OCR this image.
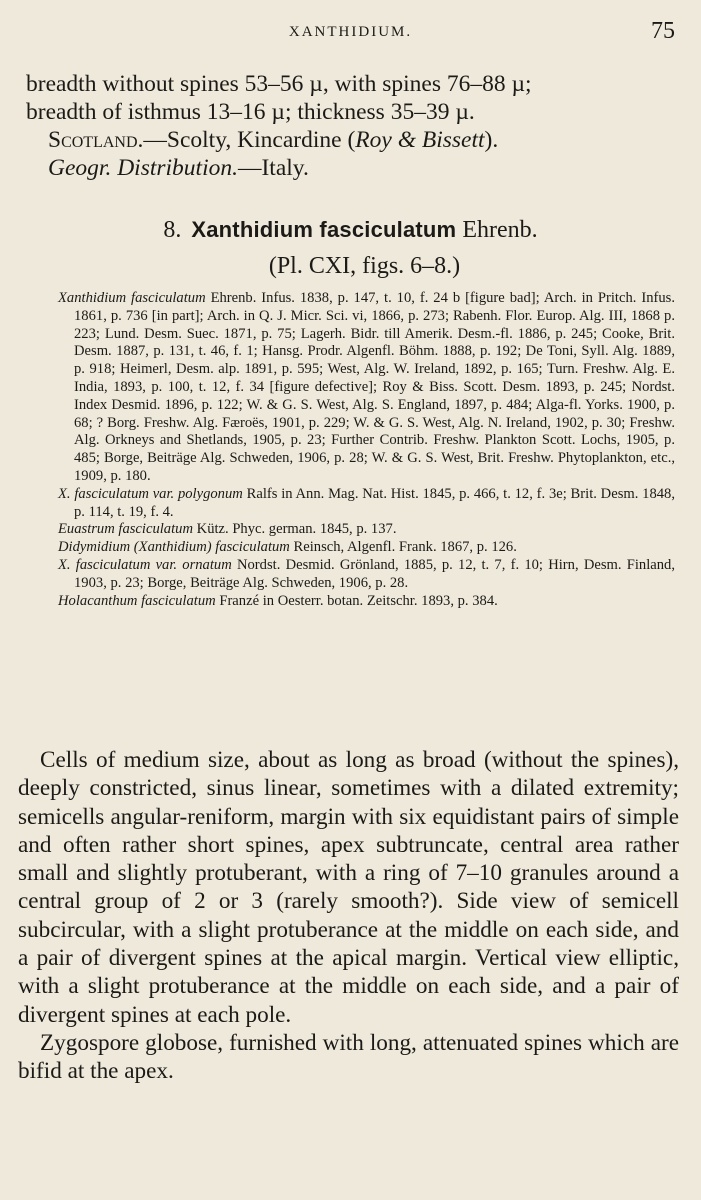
XANTHIDIUM.	75

breadth without spines 53–56 µ, with spines 76–88 µ;

breadth of isthmus 13–16 µ; thickness 35–39 µ.

Scotland.—Scolty, Kincardine (Roy & Bissett).

Geogr. Distribution.—Italy.

8. Xanthidium fasciculatum Ehrenb.
(Pl. CXI, figs. 6–8.)

Xanthidium fasciculatum Ehrenb. Infus. 1838, p. 147, t. 10, f. 24 b [figure bad]; Arch. in Pritch. Infus. 1861, p. 736 [in part]; Arch. in Q. J. Micr. Sci. vi, 1866, p. 273; Rabenh. Flor. Europ. Alg. III, 1868 p. 223; Lund. Desm. Suec. 1871, p. 75; Lagerh. Bidr. till Amerik. Desm.-fl. 1886, p. 245; Cooke, Brit. Desm. 1887, p. 131, t. 46, f. 1; Hansg. Prodr. Algenfl. Böhm. 1888, p. 192; De Toni, Syll. Alg. 1889, p. 918; Heimerl, Desm. alp. 1891, p. 595; West, Alg. W. Ireland, 1892, p. 165; Turn. Freshw. Alg. E. India, 1893, p. 100, t. 12, f. 34 [figure defective]; Roy & Biss. Scott. Desm. 1893, p. 245; Nordst. Index Desmid. 1896, p. 122; W. & G. S. West, Alg. S. England, 1897, p. 484; Alga-fl. Yorks. 1900, p. 68; ? Borg. Freshw. Alg. Færoës, 1901, p. 229; W. & G. S. West, Alg. N. Ireland, 1902, p. 30; Freshw. Alg. Orkneys and Shetlands, 1905, p. 23; Further Contrib. Freshw. Plankton Scott. Lochs, 1905, p. 485; Borge, Beiträge Alg. Schweden, 1906, p. 28; W. & G. S. West, Brit. Freshw. Phytoplankton, etc., 1909, p. 180.

X. fasciculatum var. polygonum Ralfs in Ann. Mag. Nat. Hist. 1845, p. 466, t. 12, f. 3e; Brit. Desm. 1848, p. 114, t. 19, f. 4.

Euastrum fasciculatum Kütz. Phyc. german. 1845, p. 137.

Didymidium (Xanthidium) fasciculatum Reinsch, Algenfl. Frank. 1867, p. 126.

X. fasciculatum var. ornatum Nordst. Desmid. Grönland, 1885, p. 12, t. 7, f. 10; Hirn, Desm. Finland, 1903, p. 23; Borge, Beiträge Alg. Schweden, 1906, p. 28.

Holacanthum fasciculatum Franzé in Oesterr. botan. Zeitschr. 1893, p. 384.

Cells of medium size, about as long as broad (without the spines), deeply constricted, sinus linear, sometimes with a dilated extremity; semicells angular-reniform, margin with six equidistant pairs of simple and often rather short spines, apex subtruncate, central area rather small and slightly protuberant, with a ring of 7–10 granules around a central group of 2 or 3 (rarely smooth?). Side view of semicell subcircular, with a slight protuberance at the middle on each side, and a pair of divergent spines at the apical margin. Vertical view elliptic, with a slight protuberance at the middle on each side, and a pair of divergent spines at each pole.

Zygospore globose, furnished with long, attenuated spines which are bifid at the apex.
